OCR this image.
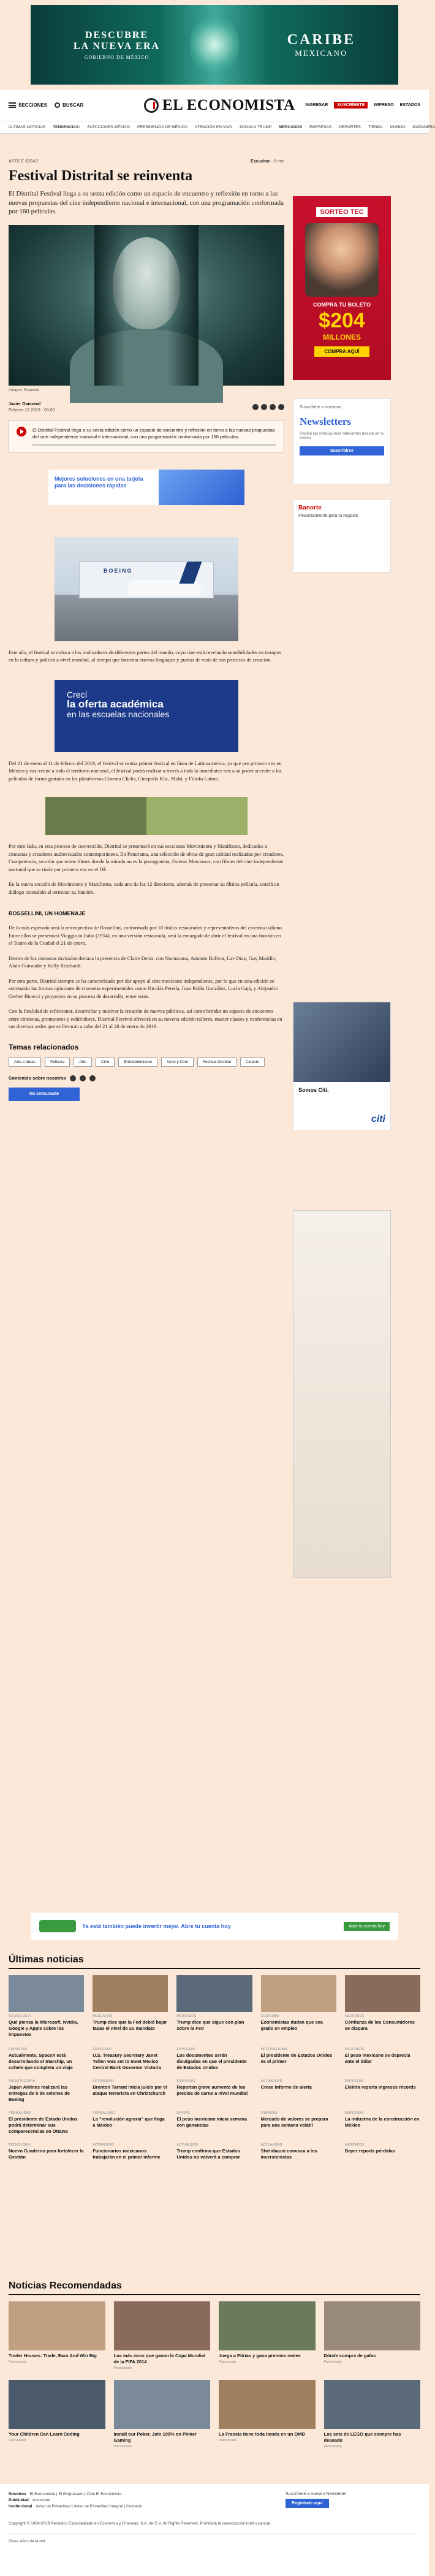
DESCUBRE
LA NUEVA ERA
GOBIERNO DE MÉXICO
CARIBE
MEXICANO
SECCIONES	BUSCAR	EL ECONOMISTA INGRESAR	SUSCRÍBETE	IMPRESO ESTADOS
ÚLTIMAS NOTICIAS TENDENCIAS: ELECCIONES MÉXICO PRESIDENCIA DE MÉXICO ATENCIÓN EN VIVO DONALD TRUMP MERCADOS EMPRESAS DEPORTES TIENDA MUNDO MAÑANERA
ARTE E IDEAS	Escuchar · 6 min
Festival Distrital se reinventa

El Distrital Festival llega a su sexta edición como un espacio de encuentro y reflexión en torno a las nuevas propuestas del cine independiente nacional e internacional, con una programación conformada por 160 películas.

Imagen: Especial
Javier Gamonal
Febrero 18 2019 - 00:00
El Distrital Festival llega a su sexta edición como un espacio de encuentro y reflexión en torno a las nuevas propuestas del cine independiente nacional e internacional, con una programación conformada por 160 películas.
Mejores soluciones en una tarjeta para las decisiones rápidas
BOEING

Este año, el festival se enfoca a los realizadores de diferentes partes del mundo, cuyo cine está revelando sensibilidades en tiempos en la cultura y política a nivel mundial, al tiempo que fomenta nuevos lenguajes y puntos de vista de sus procesos de creación.

Crecí
la oferta académica
en las escuelas nacionales

Del 21 de enero al 11 de febrero del 2019, el festival se centra primer festival en línea de Latinoamérica, ya que por primera vez en México y casi reúne a todo el territorio nacional, el festival podrá realizar a través a toda la inmediatez tras a su poder acceder a las películas de forma gratuita en las plataformas Cinema Clicks, Cinepolis Klic, Mubi, y FilmIn Latino.

Por otro lado, en esta proceso de convención, Distrital se presentará en sus secciones Movimiento y Manifiesto, dedicados a cineastas y creadores audiovisuales contemporáneos. En Panorama, una selección de obras de gran calidad realizadas por creadores, Competencia, sección que reúne filmes donde la mirada no es la protagonista, Esteros Marcianos, con filmes del cine independiente nacional que se rinde por primera vez en el DF.

En la nueva sección de Movimiento y Manifiesto, cada uno de las 12 directores, además de presentar su última película, tendrá un diálogo extendido al terminar su función.

ROSSELLINI, UN HOMENAJE

De lo más esperado será la retrospectiva de Rossellini, conformada por 10 títulos restaurados y representativos del cineasta italiano. Entre ellos se presentará Viaggio in Italia (1954), en una versión restaurada, será la encargada de abrir el festival en una función en el Teatro de la Ciudad el 21 de enero.

Dentro de los cineastas invitados destaca la presencia de Claire Denis, con Nocturama, Antonio Bolivar, Lav Diaz, Guy Maddin, Alain Guiraudie y Kelly Reichardt.

Por otra parte, Distrital siempre se ha caracterizado por dar apoyo al cine mexicano independiente, por lo que en esta edición se estrenarán las formas opiniones de cineastas experimentales como Nicolás Pereda, Juan Pablo González, Lucía Gajá, y Alejandro Gerber Bicecci y proyectos en su proceso de desarrollo, entre otros.

Con la finalidad de reflexionar, desarrollar y motivar la creación de nuevos públicos, así como brindar un espacio de encuentro entre cineastas, promotores y exhibidores, Distrital Festival ofrecerá en su novena edición talleres, master classes y conferencias en sus diversas sedes que se llevarán a cabo del 21 al 28 de enero de 2019.

Temas relacionados
Arte e Ideas	Película	Arte	Cine	Entretenimiento	Ayoe y Cine	Festival Distrital	Cinesto
Contenido sobre nosotros
No censuraste
SORTEO TEC
COMPRA TU BOLETO
$204
MILLONES
COMPRA AQUÍ
Suscríbete a nuestros
Newsletters
Recibe las noticias más relevantes directo en tu correo
Suscribirse
Banorte
Financiamiento para tu negocio
Somos Citi.
citi
Ya está también puede invertir mejor. Abre tu cuenta hoy	Abre tu cuenta hoy
Últimas noticias
TECNOLOGÍA
Qué piensa la Microsoft, Nvidia, Google y Apple sobre los impuestos
MERCADOS
Trump dice que la Fed debió bajar tasas el nivel de su mandato
MERCADOS
Trump dice que sigue con plan sobre la Fed
ECONOMÍA
Economistas dudan que sea gratis en empleo
MERCADOS
Confianza de los Consumidores se dispara
EMPRESAS
Actualmente, SpaceX está desarrollando el Starship, un cohete que completa un viaje
EMPRESAS
U.S. Treasury Secretary Janet Yellen was set to meet Mexico Central Bank Governor Victoria
EMPRESAS
Los documentos serán divulgados en que el presidente de Estados Unidos
INTERNACIONAL
El presidente de Estados Unidos es el primer
MERCADOS
El peso mexicano se deprecia ante el dólar
ARQUITECTURA
Japan Airlines realizará las entregas de 5 de aviones de Boeing
ACTUALIDAD
Brenton Tarrant inicia juicio por el ataque terrorista en Christchurch
EMPRESAS
Reportan grave aumento de los precios de carne a nivel mundial
ACTUALIDAD
Crece informe de alerta
EMPRESAS
Elektra reporta ingresos récords
FORMALIDAD
El presidente de Estado Unidos podrá determinar sus comparecencias en Ottawa
FORMALIDAD
La "revolución agraria" que llega a México
DIVISAS
El peso mexicano inicia semana con ganancias
FINANZAS
Mercado de valores se prepara para una semana volátil
EMPRESAS
La industria de la construcción en México
TECNOLOGÍA
Nuevo Cuaderno para fortalecer la Gestión
ACTUALIDAD
Funcionarios mexicanos trabajarán en el primer informe
ACTUALIDAD
Trump confirma que Estados Unidos no volverá a comprar
ACTUALIDAD
Sheinbaum convoca a los inversionistas
MERCADOS
Bayer reporta pérdidas
Noticias Recomendadas
Trader Houses: Trade, Earn And Win Big
Patrocinado
Los más ricos que ganan la Copa Mundial de la FIFA 2014
Patrocinado
Juega a Pitrias y gana premios reales
Patrocinado
Dónde compra de gafas
Patrocinado
Your Children Can Learn Coding
Patrocinado
Install our Poker. Join 100% on Pinker Gaming
Patrocinado
La Francia tiene toda tienda en un OMB
Patrocinado
Los sets de LEGO que siempre has deseado
Patrocinado
Nosotros El Economista | El Empresario | Club El Economista
Publicidad Anúnciate
Institucional Aviso de Privacidad | Aviso de Privacidad Integral | Contacto
Copyright © 1988-2019 Periódico Especializado en Economía y Finanzas, S.A. de C.V. All Rights Reserved. Prohibida la reproducción total o parcial.
Otros sitios de la red
Suscríbete a nuestro Newsletter
Regístrate aquí
